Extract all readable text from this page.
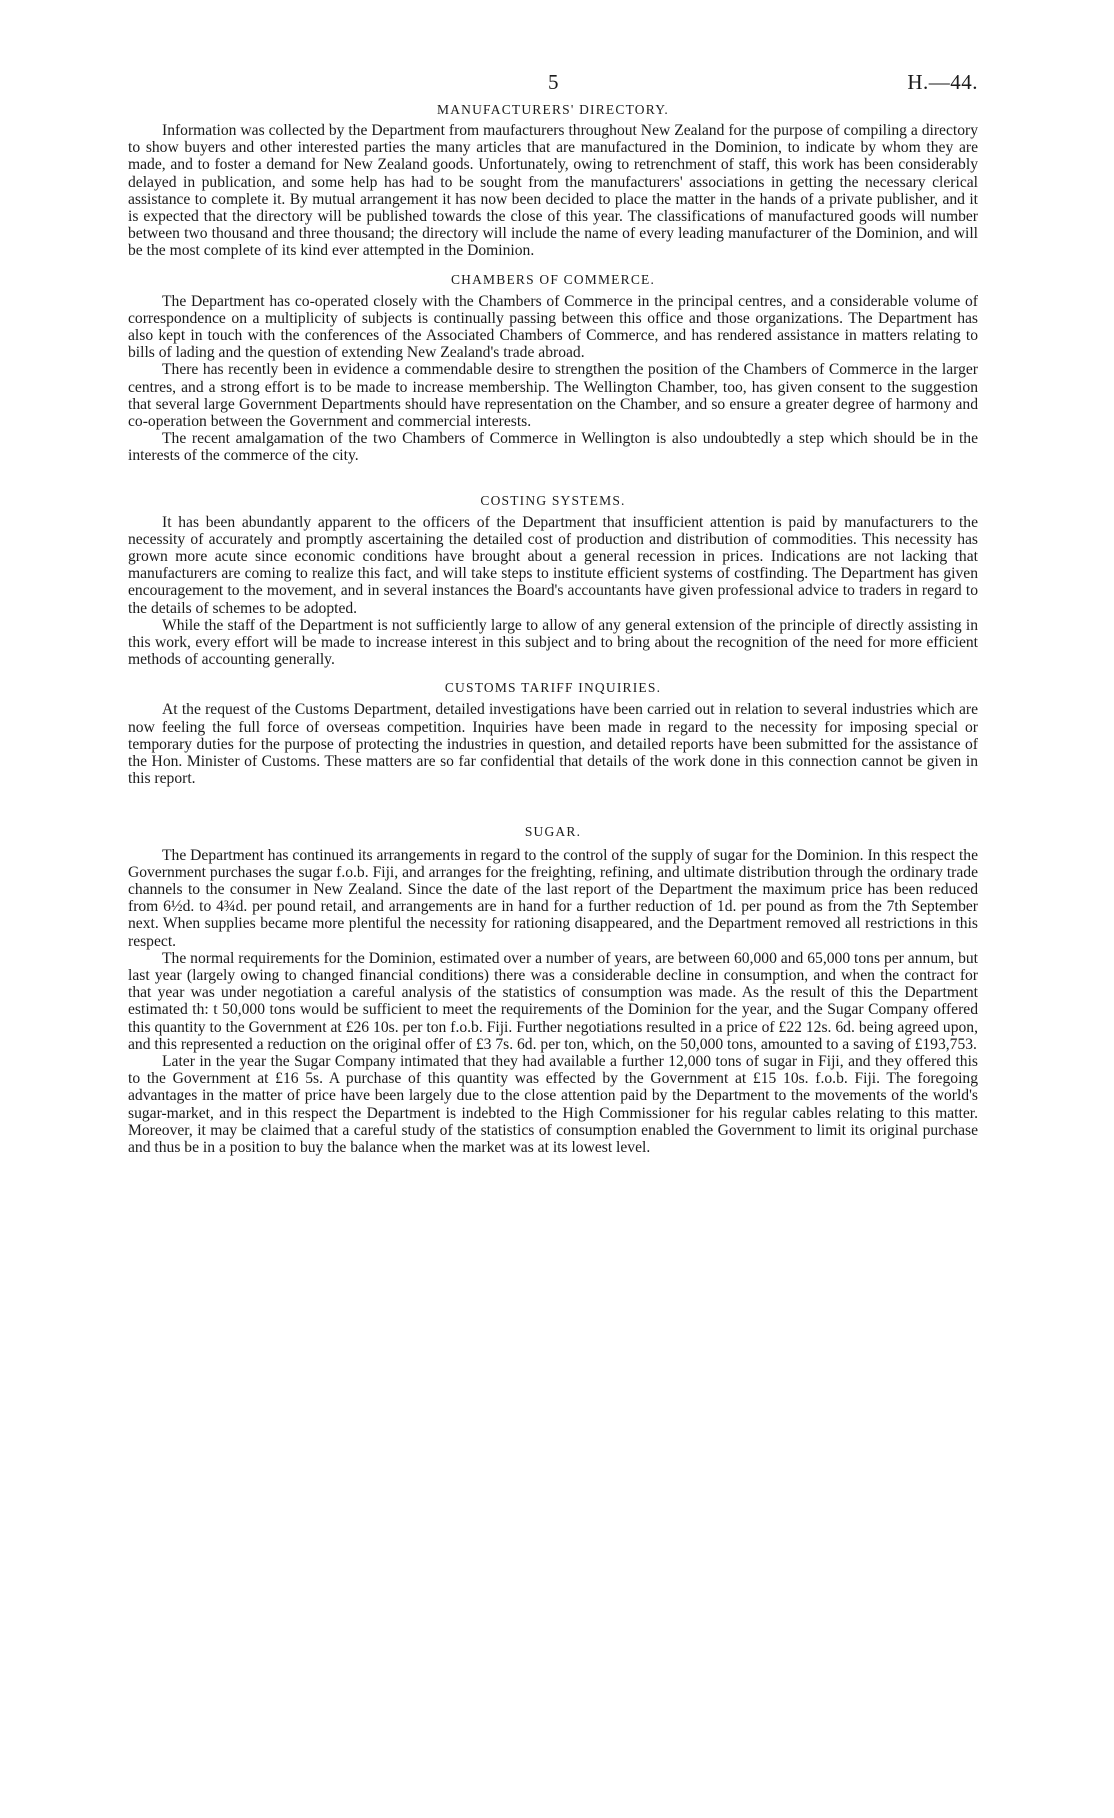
5	H.—44.
MANUFACTURERS' DIRECTORY.

Information was collected by the Department from maufacturers throughout New Zealand for the purpose of compiling a directory to show buyers and other interested parties the many articles that are manufactured in the Dominion, to indicate by whom they are made, and to foster a demand for New Zealand goods. Unfortunately, owing to retrenchment of staff, this work has been considerably delayed in publication, and some help has had to be sought from the manufacturers' associations in getting the necessary clerical assistance to complete it. By mutual arrangement it has now been decided to place the matter in the hands of a private publisher, and it is expected that the directory will be published towards the close of this year. The classifications of manufactured goods will number between two thousand and three thousand; the directory will include the name of every leading manufacturer of the Dominion, and will be the most complete of its kind ever attempted in the Dominion.

CHAMBERS OF COMMERCE.

The Department has co-operated closely with the Chambers of Commerce in the principal centres, and a considerable volume of correspondence on a multiplicity of subjects is continually passing between this office and those organizations. The Department has also kept in touch with the conferences of the Associated Chambers of Commerce, and has rendered assistance in matters relating to bills of lading and the question of extending New Zealand's trade abroad.

There has recently been in evidence a commendable desire to strengthen the position of the Chambers of Commerce in the larger centres, and a strong effort is to be made to increase membership. The Wellington Chamber, too, has given consent to the suggestion that several large Government Departments should have representation on the Chamber, and so ensure a greater degree of harmony and co-operation between the Government and commercial interests.

The recent amalgamation of the two Chambers of Commerce in Wellington is also undoubtedly a step which should be in the interests of the commerce of the city.

COSTING SYSTEMS.

It has been abundantly apparent to the officers of the Department that insufficient attention is paid by manufacturers to the necessity of accurately and promptly ascertaining the detailed cost of production and distribution of commodities. This necessity has grown more acute since economic conditions have brought about a general recession in prices. Indications are not lacking that manufacturers are coming to realize this fact, and will take steps to institute efficient systems of costfinding. The Department has given encouragement to the movement, and in several instances the Board's accountants have given professional advice to traders in regard to the details of schemes to be adopted.

While the staff of the Department is not sufficiently large to allow of any general extension of the principle of directly assisting in this work, every effort will be made to increase interest in this subject and to bring about the recognition of the need for more efficient methods of accounting generally.

CUSTOMS TARIFF INQUIRIES.

At the request of the Customs Department, detailed investigations have been carried out in relation to several industries which are now feeling the full force of overseas competition. Inquiries have been made in regard to the necessity for imposing special or temporary duties for the purpose of protecting the industries in question, and detailed reports have been submitted for the assistance of the Hon. Minister of Customs. These matters are so far confidential that details of the work done in this connection cannot be given in this report.

SUGAR.

The Department has continued its arrangements in regard to the control of the supply of sugar for the Dominion. In this respect the Government purchases the sugar f.o.b. Fiji, and arranges for the freighting, refining, and ultimate distribution through the ordinary trade channels to the consumer in New Zealand. Since the date of the last report of the Department the maximum price has been reduced from 6½d. to 4¾d. per pound retail, and arrangements are in hand for a further reduction of 1d. per pound as from the 7th September next. When supplies became more plentiful the necessity for rationing disappeared, and the Department removed all restrictions in this respect.

The normal requirements for the Dominion, estimated over a number of years, are between 60,000 and 65,000 tons per annum, but last year (largely owing to changed financial conditions) there was a considerable decline in consumption, and when the contract for that year was under negotiation a careful analysis of the statistics of consumption was made. As the result of this the Department estimated th: t 50,000 tons would be sufficient to meet the requirements of the Dominion for the year, and the Sugar Company offered this quantity to the Government at £26 10s. per ton f.o.b. Fiji. Further negotiations resulted in a price of £22 12s. 6d. being agreed upon, and this represented a reduction on the original offer of £3 7s. 6d. per ton, which, on the 50,000 tons, amounted to a saving of £193,753.

Later in the year the Sugar Company intimated that they had available a further 12,000 tons of sugar in Fiji, and they offered this to the Government at £16 5s. A purchase of this quantity was effected by the Government at £15 10s. f.o.b. Fiji. The foregoing advantages in the matter of price have been largely due to the close attention paid by the Department to the movements of the world's sugar-market, and in this respect the Department is indebted to the High Commissioner for his regular cables relating to this matter. Moreover, it may be claimed that a careful study of the statistics of consumption enabled the Government to limit its original purchase and thus be in a position to buy the balance when the market was at its lowest level.
